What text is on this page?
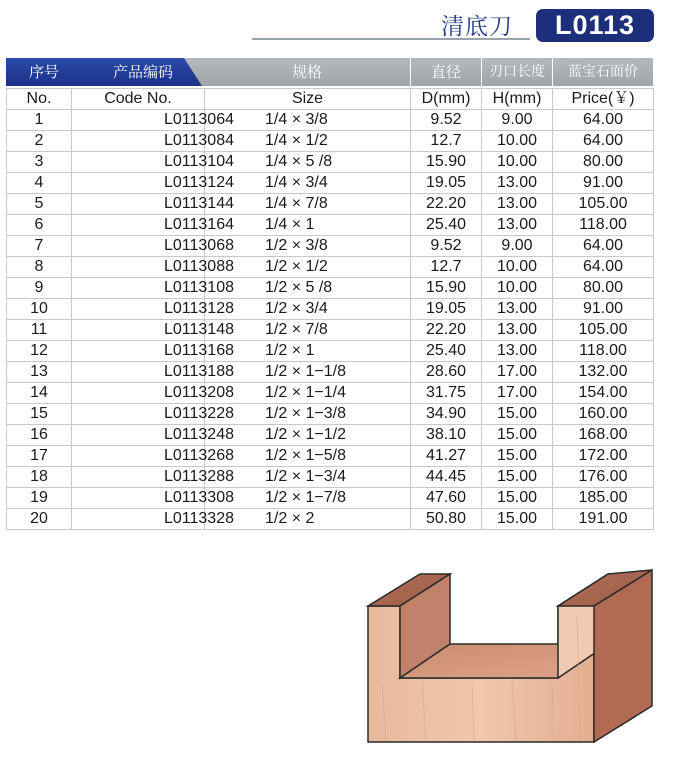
清底刀	L0113
序号	产品编码	规格	直径	刃口长度	蓝宝石面价
No.	Code No.	Size	D(mm)	H(mm)	Price(￥)
1	L0113064	1/4 × 3/8	9.52	9.00	64.00
2	L0113084	1/4 × 1/2	12.7	10.00	64.00
3	L0113104	1/4 × 5 /8	15.90	10.00	80.00
4	L0113124	1/4 × 3/4	19.05	13.00	91.00
5	L0113144	1/4 × 7/8	22.20	13.00	105.00
6	L0113164	1/4 × 1	25.40	13.00	118.00
7	L0113068	1/2 × 3/8	9.52	9.00	64.00
8	L0113088	1/2 × 1/2	12.7	10.00	64.00
9	L0113108	1/2 × 5 /8	15.90	10.00	80.00
10	L0113128	1/2 × 3/4	19.05	13.00	91.00
11	L0113148	1/2 × 7/8	22.20	13.00	105.00
12	L0113168	1/2 × 1	25.40	13.00	118.00
13	L0113188	1/2 × 1−1/8	28.60	17.00	132.00
14	L0113208	1/2 × 1−1/4	31.75	17.00	154.00
15	L0113228	1/2 × 1−3/8	34.90	15.00	160.00
16	L0113248	1/2 × 1−1/2	38.10	15.00	168.00
17	L0113268	1/2 × 1−5/8	41.27	15.00	172.00
18	L0113288	1/2 × 1−3/4	44.45	15.00	176.00
19	L0113308	1/2 × 1−7/8	47.60	15.00	185.00
20	L0113328	1/2 × 2	50.80	15.00	191.00
